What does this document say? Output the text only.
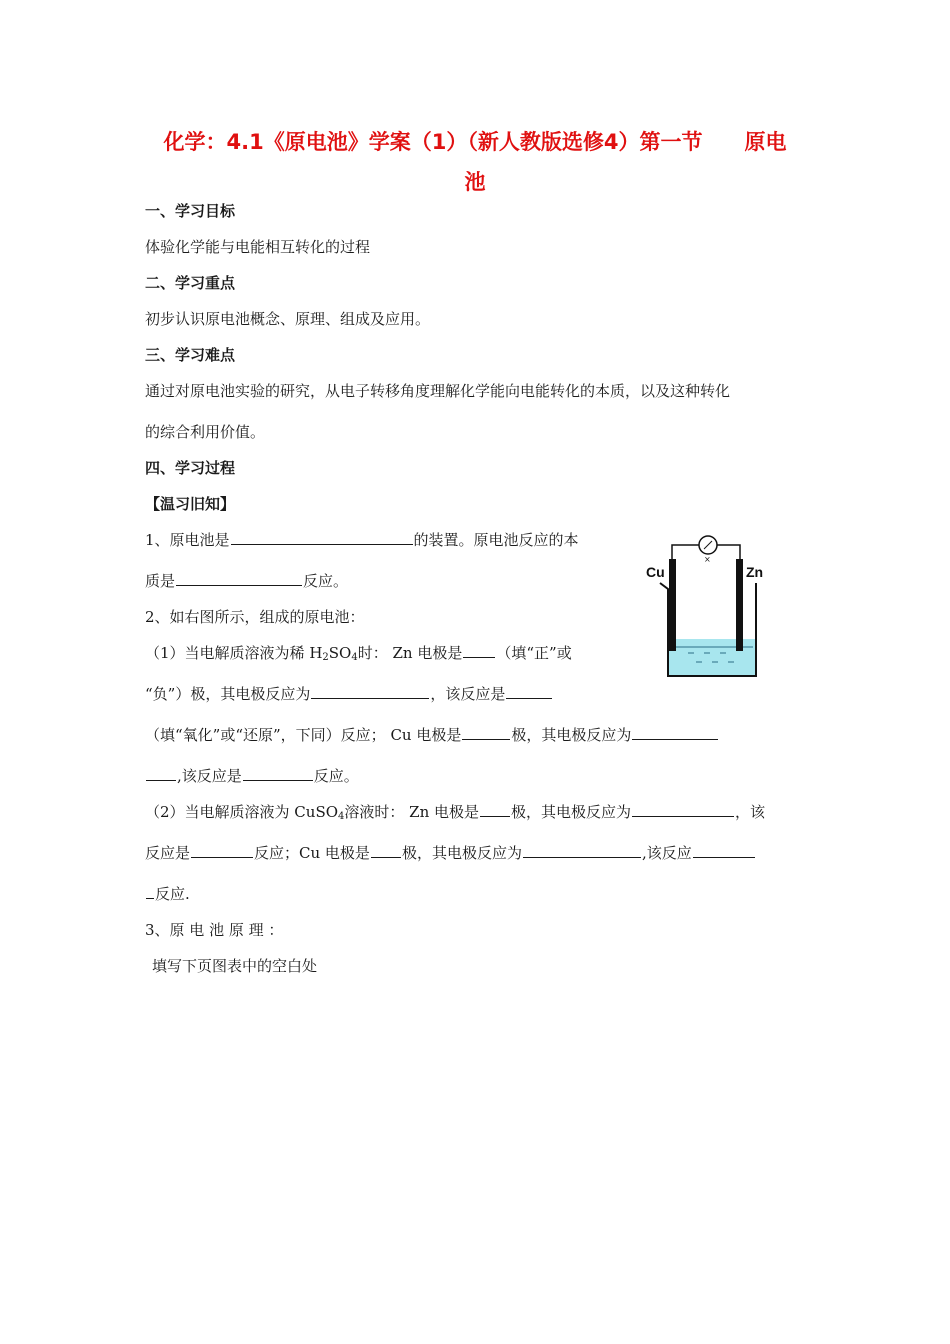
化学：4.1《原电池》学案（1）（新人教版选修4）第一节　　原电
池
一、学习目标
体验化学能与电能相互转化的过程
二、学习重点
初步认识原电池概念、原理、组成及应用。
三、学习难点
通过对原电池实验的研究，从电子转移角度理解化学能向电能转化的本质，以及这种转化
的综合利用价值。
四、学习过程
【温习旧知】
1、原电池是	的装置。原电池反应的本
质是	反应。
2、如右图所示，组成的原电池：
（1）当电解质溶液为稀 $H_2SO_4$时： Zn 电极是 （填“正”或
“负”）极，其电极反应为	，该反应是
（填“氧化”或“还原”，下同）反应； Cu 电极是	极，其电极反应为
,该反应是	反应。
（2）当电解质溶液为 CuSO$_4$溶液时： Zn 电极是 极，其电极反应为	，该
反应是	反应；Cu 电极是 极，其电极反应为	,该反应
反应.
3、原 电 池 原 理 ：
填写下页图表中的空白处
×
Cu	Zn
